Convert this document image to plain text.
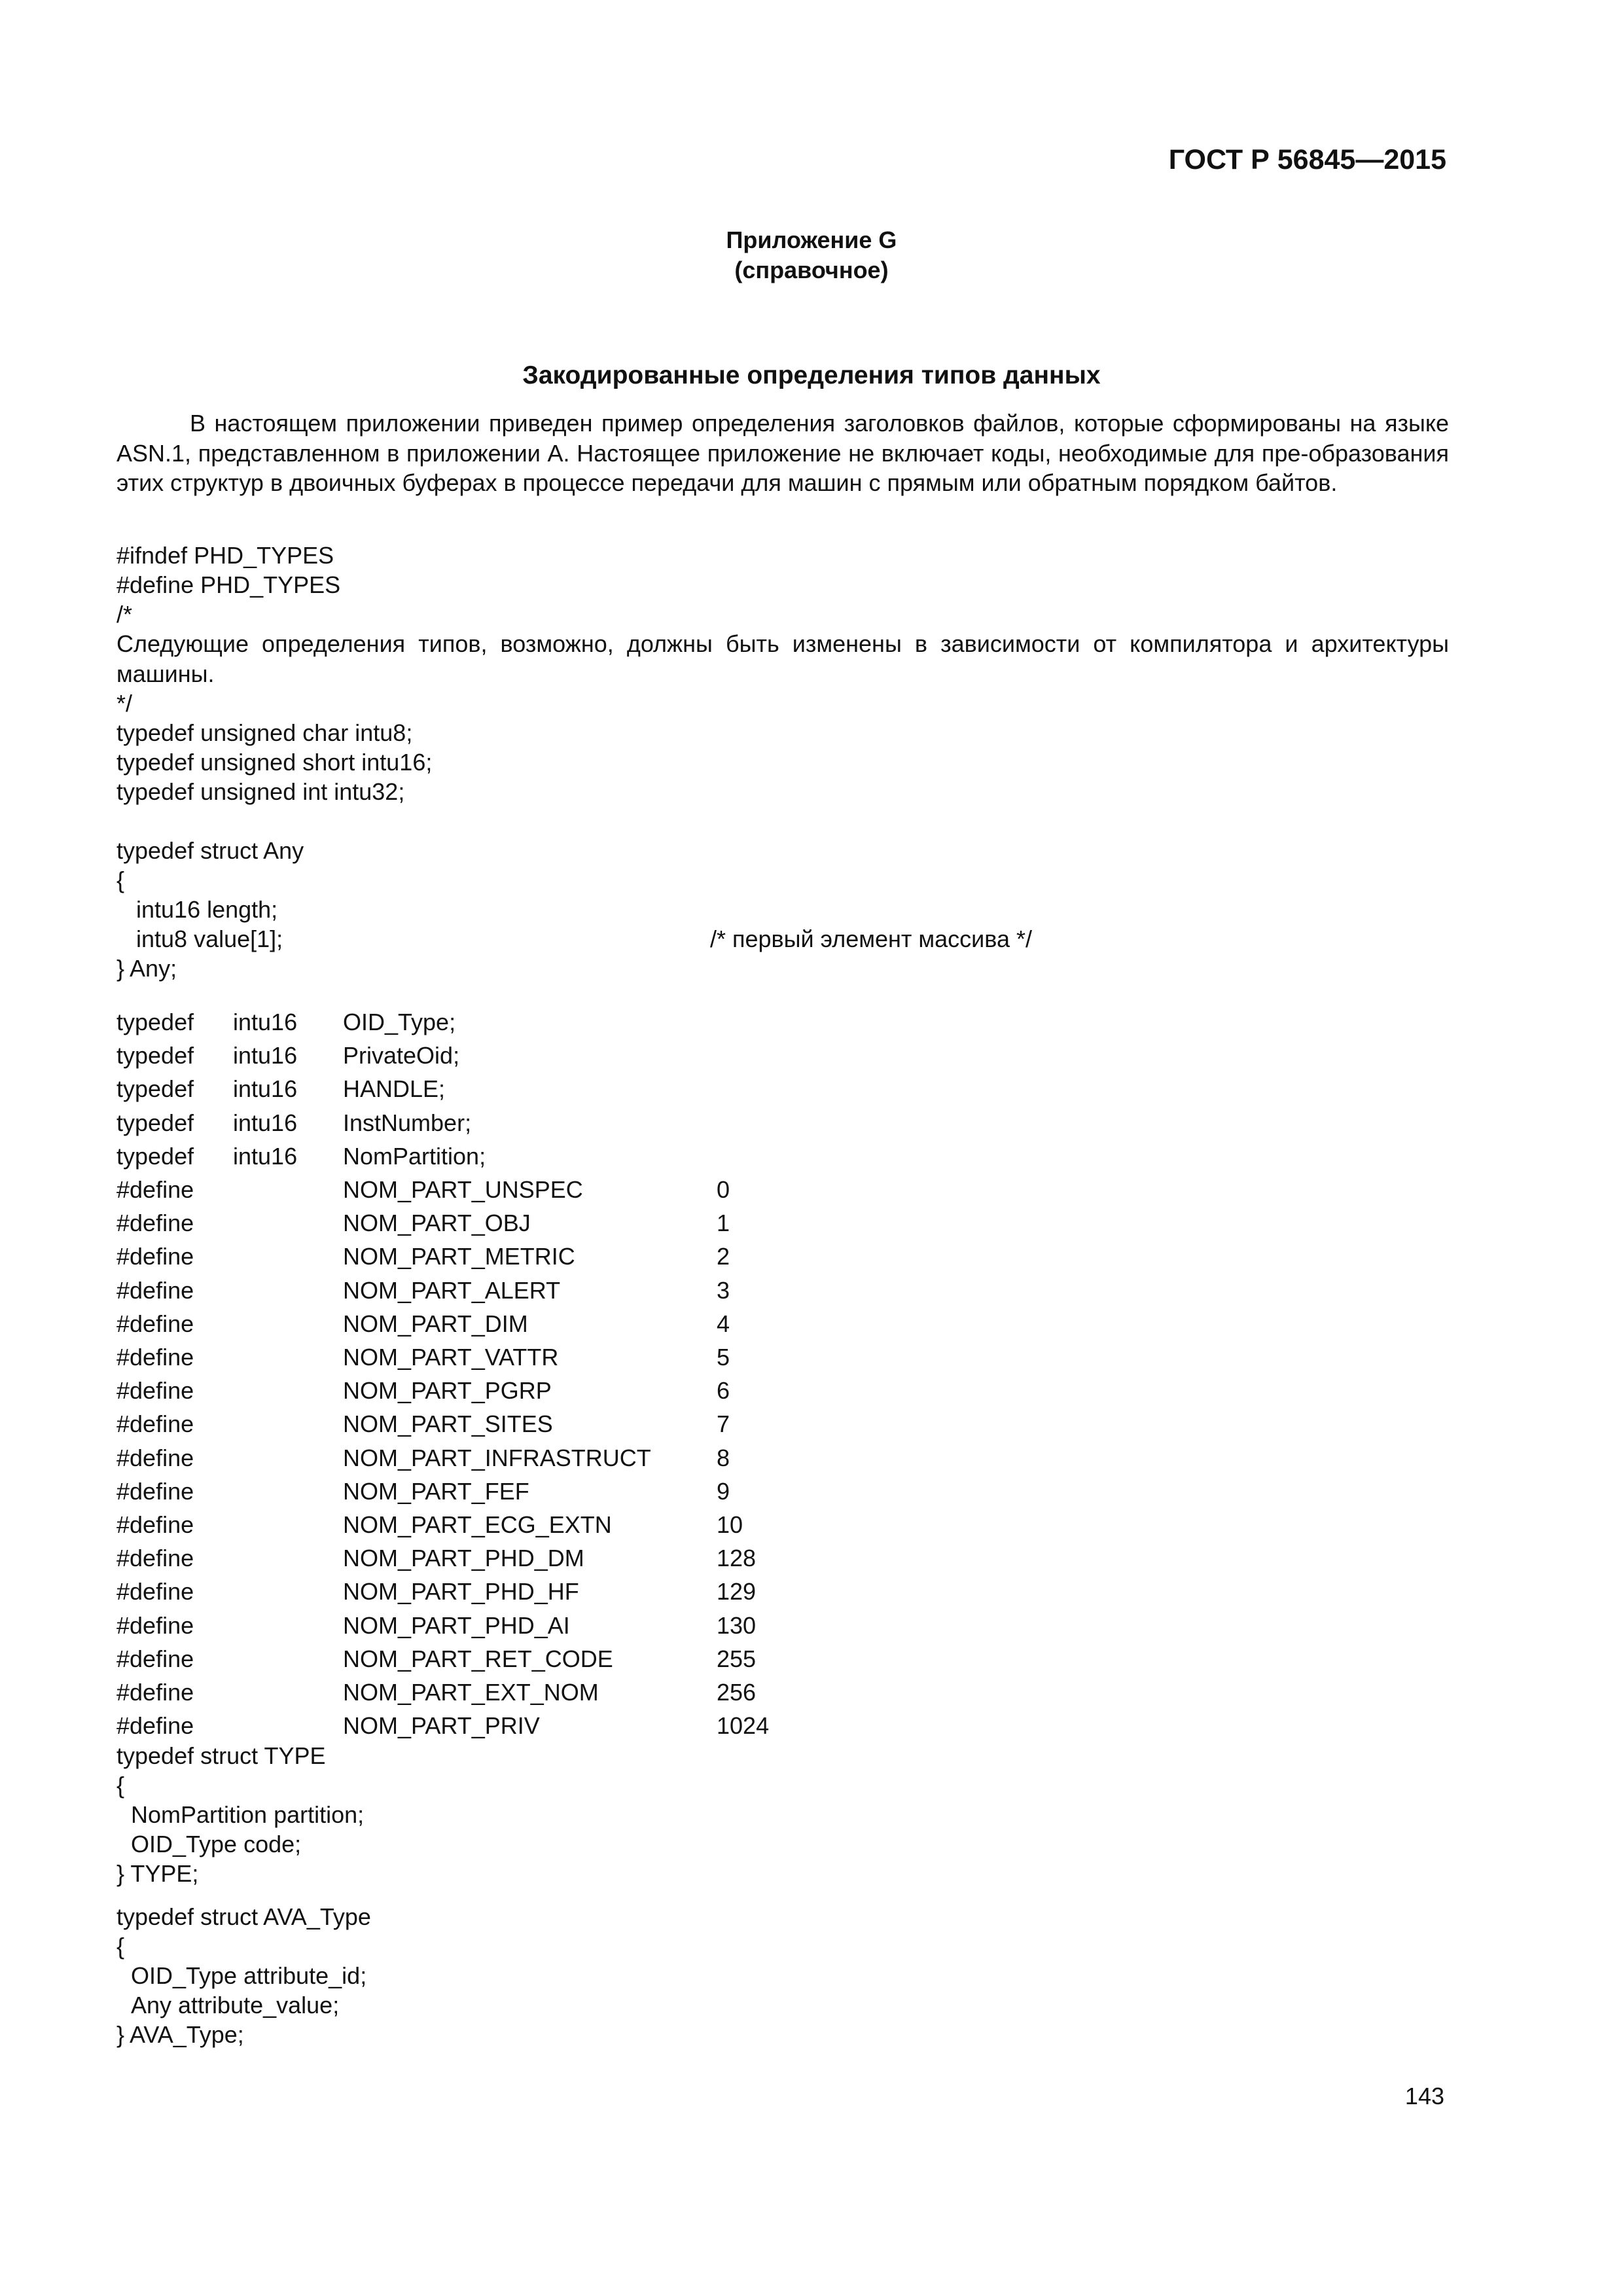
ГОСТ Р 56845—2015
Приложение G
(справочное)
Закодированные определения типов данных

В настоящем приложении приведен пример определения заголовков файлов, которые сформированы на языке ASN.1, представленном в приложении А. Настоящее приложение не включает коды, необходимые для пре-образования этих структур в двоичных буферах в процессе передачи для машин с прямым или обратным порядком байтов.

#ifndef PHD_TYPES
#define PHD_TYPES
/*

Следующие определения типов, возможно, должны быть изменены в зависимости от компилятора и архитектуры машины.

*/
typedef unsigned char intu8;
typedef unsigned short intu16;
typedef unsigned int intu32;
typedef struct Any
{
intu16 length;
intu8 value[1];	/* первый элемент массива */
} Any;
typedef intu16 OID_Type;
typedef intu16 PrivateOid;
typedef intu16 HANDLE;
typedef intu16 InstNumber;
typedef intu16 NomPartition;
#define	NOM_PART_UNSPEC	0
#define	NOM_PART_OBJ	1
#define	NOM_PART_METRIC	2
#define	NOM_PART_ALERT	3
#define	NOM_PART_DIM	4
#define	NOM_PART_VATTR	5
#define	NOM_PART_PGRP	6
#define	NOM_PART_SITES	7
#define	NOM_PART_INFRASTRUCT	8
#define	NOM_PART_FEF	9
#define	NOM_PART_ECG_EXTN	10
#define	NOM_PART_PHD_DM	128
#define	NOM_PART_PHD_HF	129
#define	NOM_PART_PHD_AI	130
#define	NOM_PART_RET_CODE	255
#define	NOM_PART_EXT_NOM	256
#define	NOM_PART_PRIV	1024
typedef struct TYPE
{
NomPartition partition;
OID_Type code;
} TYPE;
typedef struct AVA_Type
{
OID_Type attribute_id;
Any attribute_value;
} AVA_Type;
143
